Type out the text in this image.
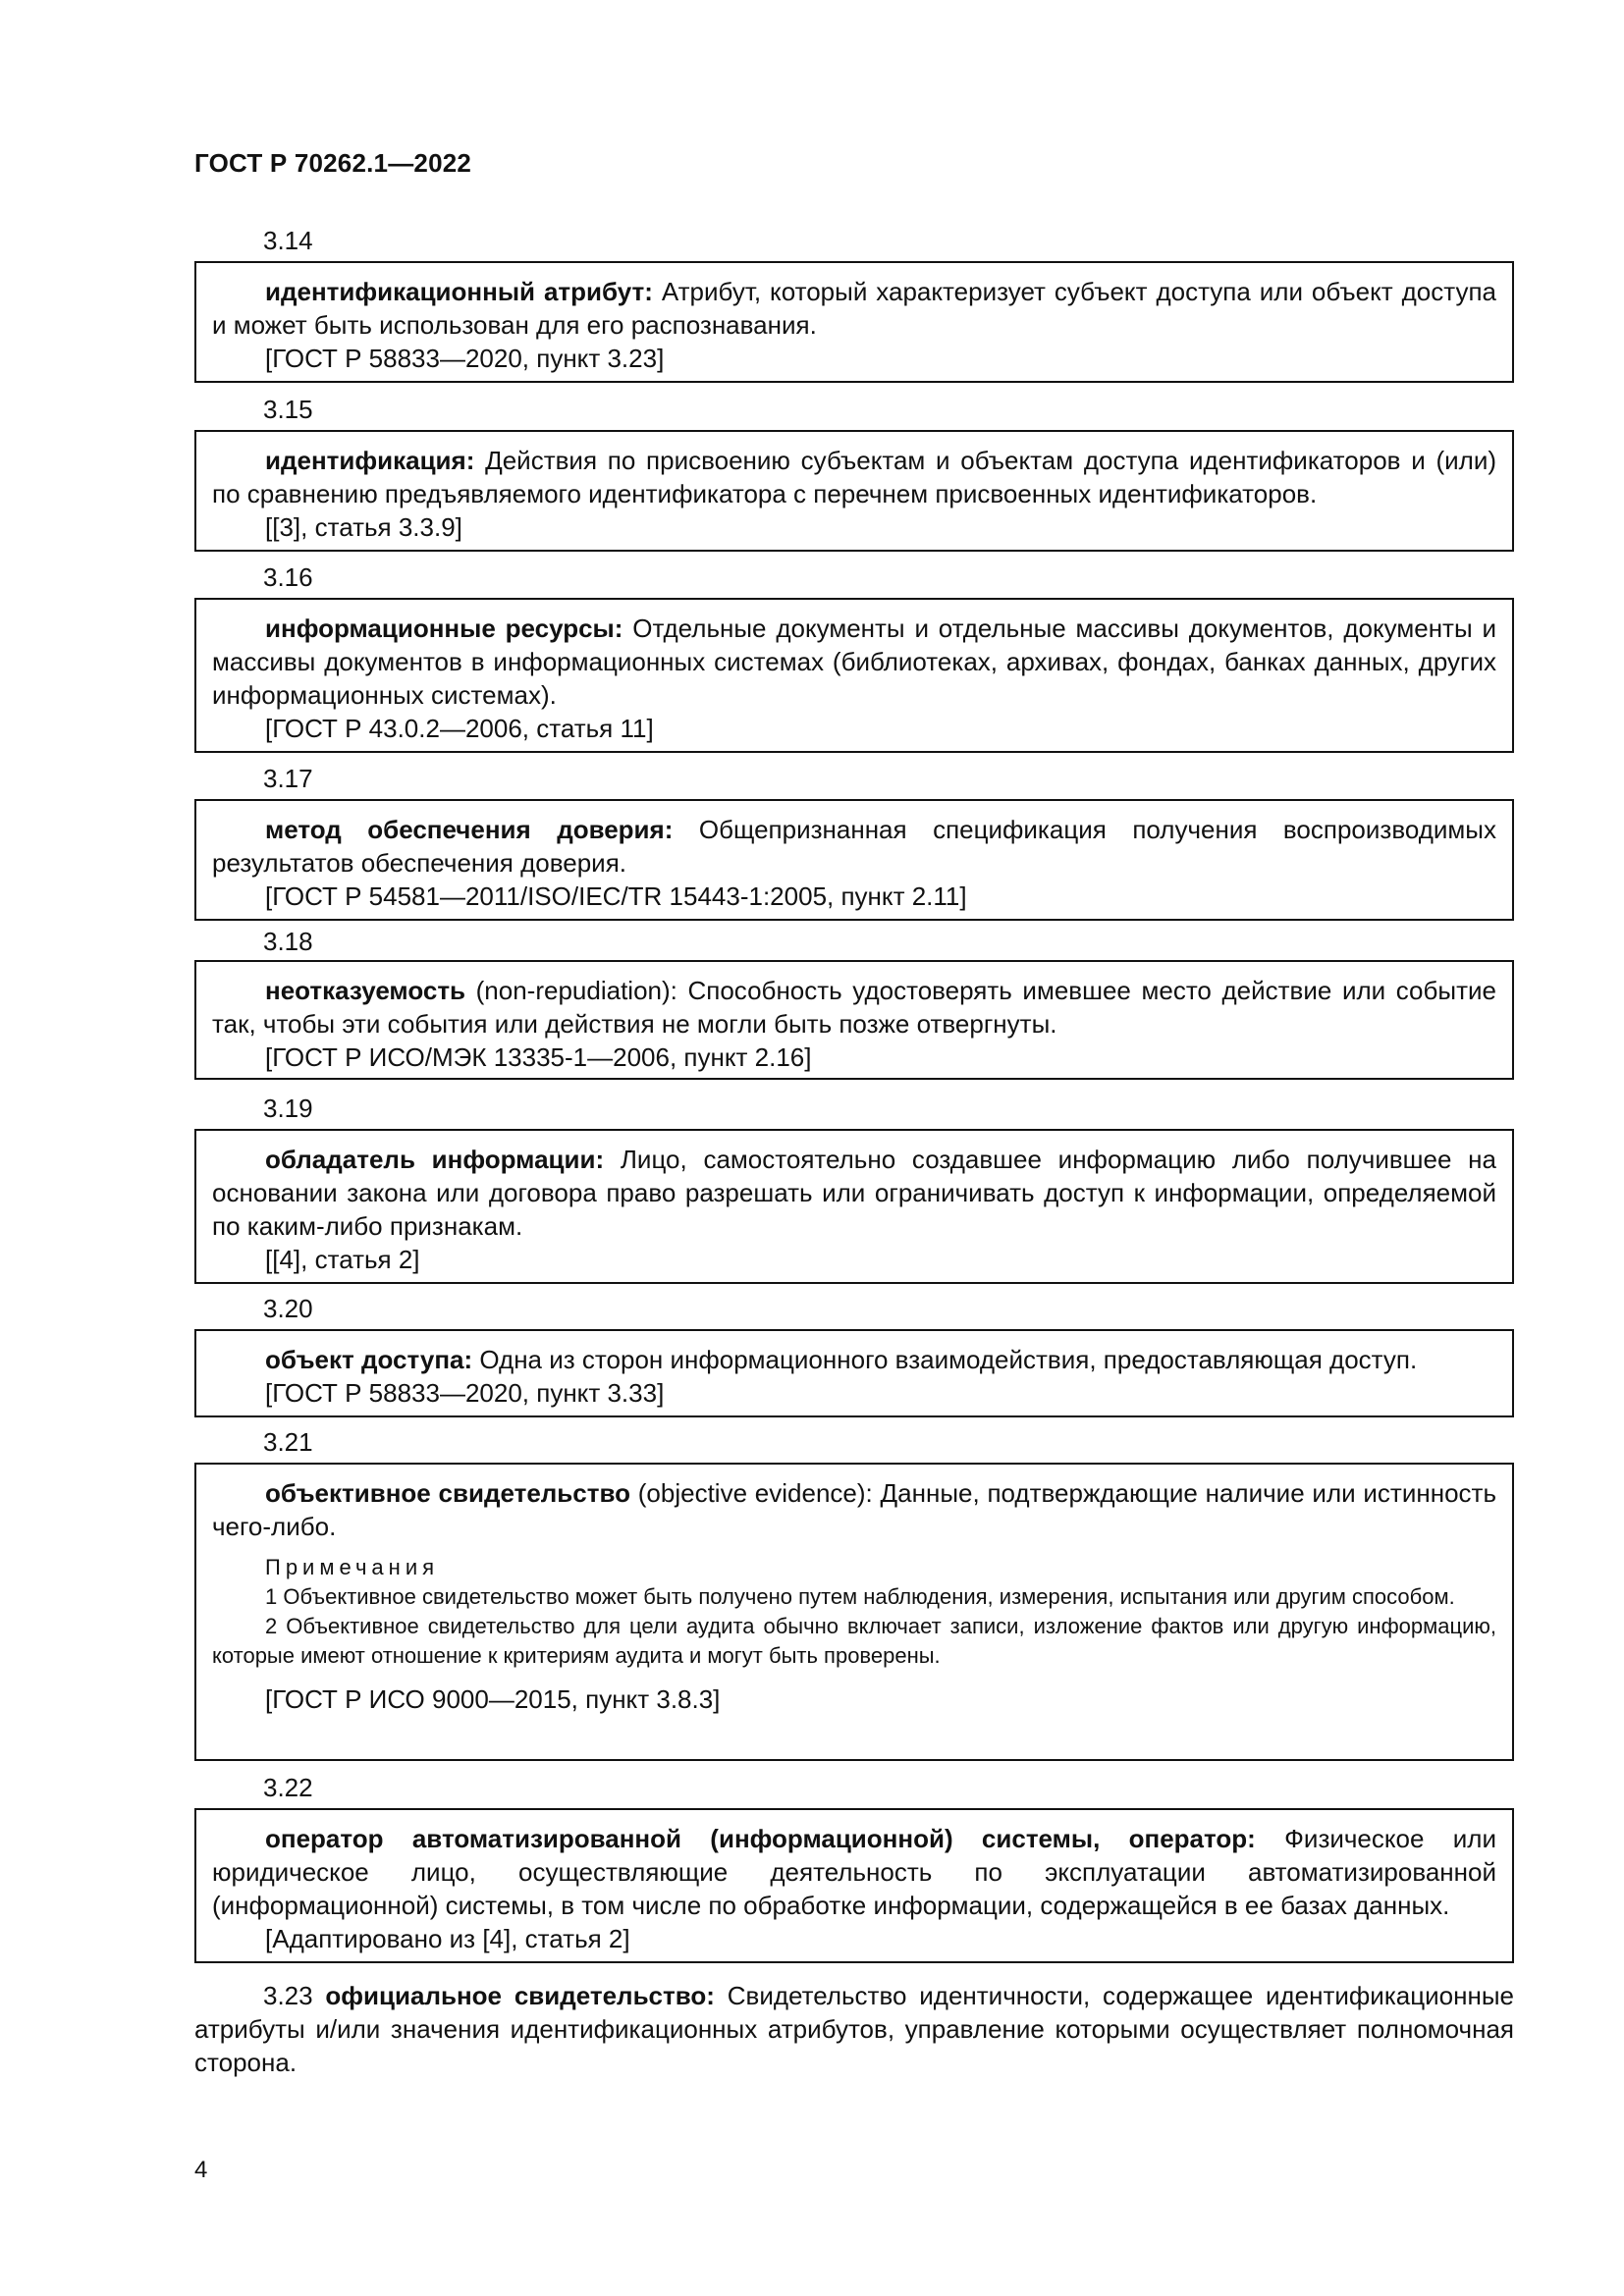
ГОСТ Р 70262.1—2022
3.14

идентификационный атрибут: Атрибут, который характеризует субъект доступа или объект доступа и может быть использован для его распознавания.

[ГОСТ Р 58833—2020, пункт 3.23]

3.15

идентификация: Действия по присвоению субъектам и объектам доступа идентификаторов и (или) по сравнению предъявляемого идентификатора с перечнем присвоенных идентификаторов.

[[3], статья 3.3.9]

3.16

информационные ресурсы: Отдельные документы и отдельные массивы документов, документы и массивы документов в информационных системах (библиотеках, архивах, фондах, банках данных, других информационных системах).

[ГОСТ Р 43.0.2—2006, статья 11]

3.17

метод обеспечения доверия: Общепризнанная спецификация получения воспроизводимых результатов обеспечения доверия.

[ГОСТ Р 54581—2011/ISO/IEC/TR 15443-1:2005, пункт 2.11]

3.18

неотказуемость (non-repudiation): Способность удостоверять имевшее место действие или событие так, чтобы эти события или действия не могли быть позже отвергнуты.

[ГОСТ Р ИСО/МЭК 13335-1—2006, пункт 2.16]

3.19

обладатель информации: Лицо, самостоятельно создавшее информацию либо получившее на основании закона или договора право разрешать или ограничивать доступ к информации, определяемой по каким-либо признакам.

[[4], статья 2]

3.20

объект доступа: Одна из сторон информационного взаимодействия, предоставляющая доступ.

[ГОСТ Р 58833—2020, пункт 3.33]

3.21

объективное свидетельство (objective evidence): Данные, подтверждающие наличие или истинность чего-либо.

Примечания

1 Объективное свидетельство может быть получено путем наблюдения, измерения, испытания или другим способом.

2 Объективное свидетельство для цели аудита обычно включает записи, изложение фактов или другую информацию, которые имеют отношение к критериям аудита и могут быть проверены.

[ГОСТ Р ИСО 9000—2015, пункт 3.8.3]

3.22

оператор автоматизированной (информационной) системы, оператор: Физическое или юридическое лицо, осуществляющие деятельность по эксплуатации автоматизированной (информационной) системы, в том числе по обработке информации, содержащейся в ее базах данных.

[Адаптировано из [4], статья 2]

3.23 официальное свидетельство: Свидетельство идентичности, содержащее идентификационные атрибуты и/или значения идентификационных атрибутов, управление которыми осуществляет полномочная сторона.

4
